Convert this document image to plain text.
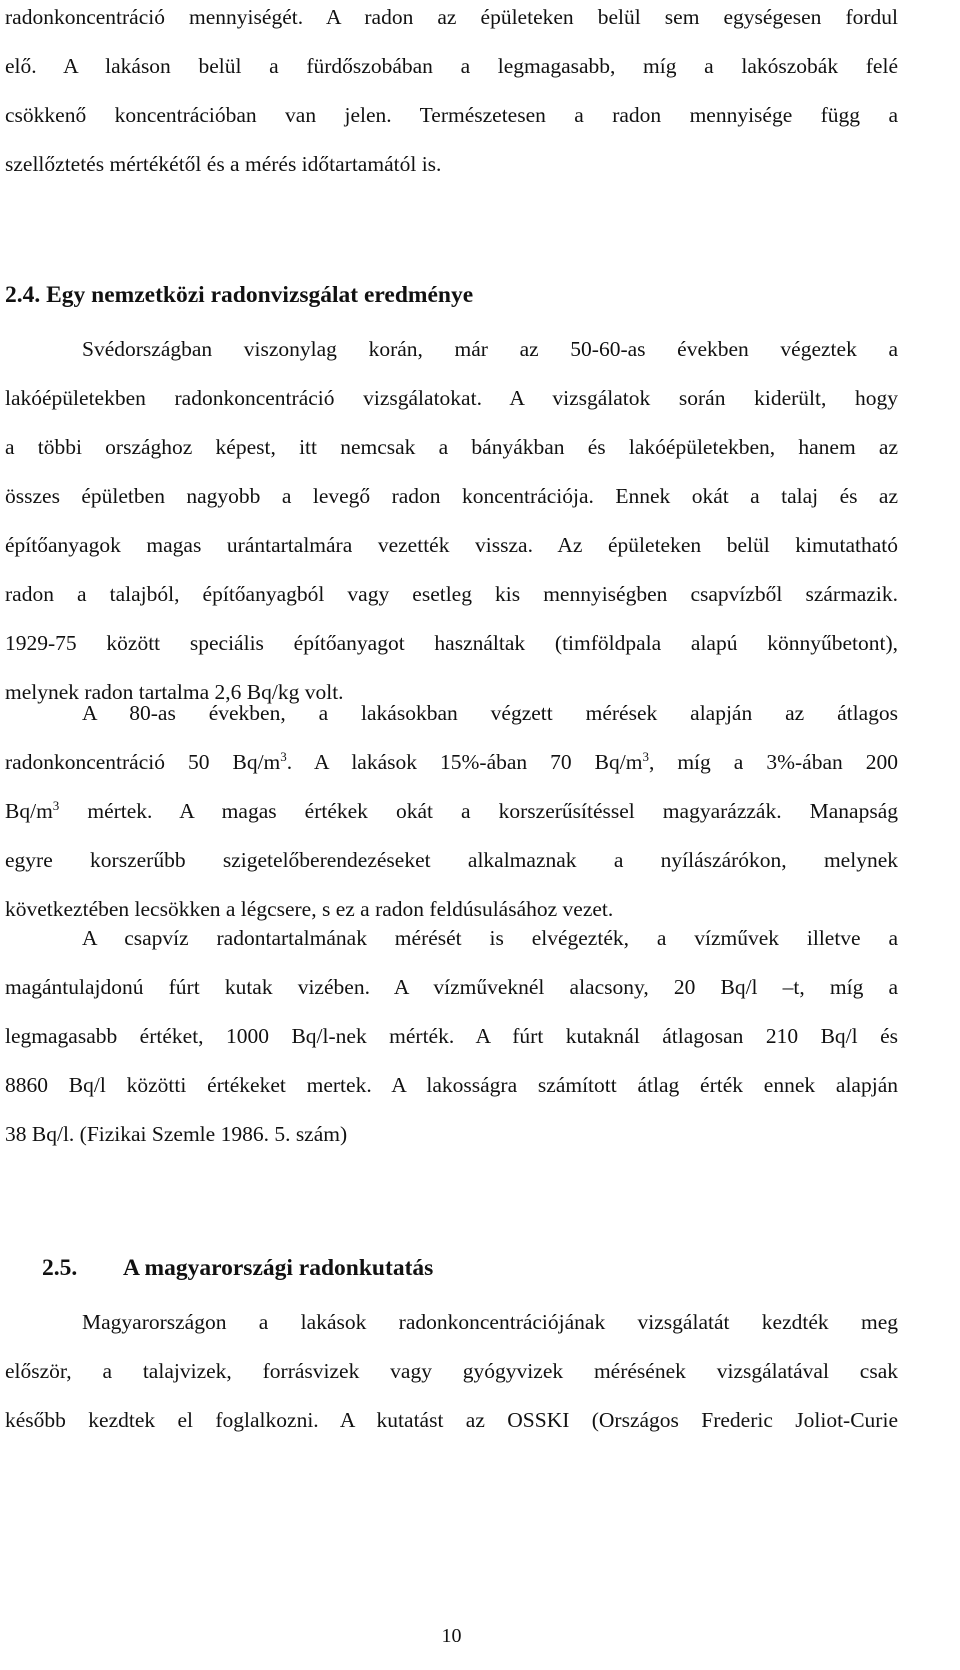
radonkoncentráció mennyiségét. A radon az épületeken belül sem egységesen fordul
elő. A lakáson belül a fürdőszobában a legmagasabb, míg a lakószobák felé
csökkenő koncentrációban van jelen. Természetesen a radon mennyisége függ a
szellőztetés mértékétől és a mérés időtartamától is.
2.4. Egy nemzetközi radonvizsgálat eredménye
Svédországban viszonylag korán, már az 50-60-as években végeztek a
lakóépületekben radonkoncentráció vizsgálatokat. A vizsgálatok során kiderült, hogy
a többi országhoz képest, itt nemcsak a bányákban és lakóépületekben, hanem az
összes épületben nagyobb a levegő radon koncentrációja. Ennek okát a talaj és az
építőanyagok magas urántartalmára vezették vissza. Az épületeken belül kimutatható
radon a talajból, építőanyagból vagy esetleg kis mennyiségben csapvízből származik.
1929-75 között speciális építőanyagot használtak (timföldpala alapú könnyűbetont),
melynek radon tartalma 2,6 Bq/kg volt.
A 80-as években, a lakásokban végzett mérések alapján az átlagos
radonkoncentráció 50 $Bq/m^3$. A lakások 15%-ában 70 $Bq/m^3$, míg a 3%-ában 200
$Bq/m^3$ mértek. A magas értékek okát a korszerűsítéssel magyarázzák. Manapság
egyre korszerűbb szigetelőberendezéseket alkalmaznak a nyílászárókon, melynek
következtében lecsökken a légcsere, s ez a radon feldúsulásához vezet.
A csapvíz radontartalmának mérését is elvégezték, a vízművek illetve a
magántulajdonú fúrt kutak vizében. A vízműveknél alacsony, 20 Bq/l –t, míg a
legmagasabb értéket, 1000 Bq/l-nek mérték. A fúrt kutaknál átlagosan 210 Bq/l és
8860 Bq/l közötti értékeket mertek. A lakosságra számított átlag érték ennek alapján
38 Bq/l. (Fizikai Szemle 1986. 5. szám)
2.5. A magyarországi radonkutatás
Magyarországon a lakások radonkoncentrációjának vizsgálatát kezdték meg
először, a talajvizek, forrásvizek vagy gyógyvizek mérésének vizsgálatával csak
később kezdtek el foglalkozni. A kutatást az OSSKI (Országos Frederic Joliot-Curie
10
